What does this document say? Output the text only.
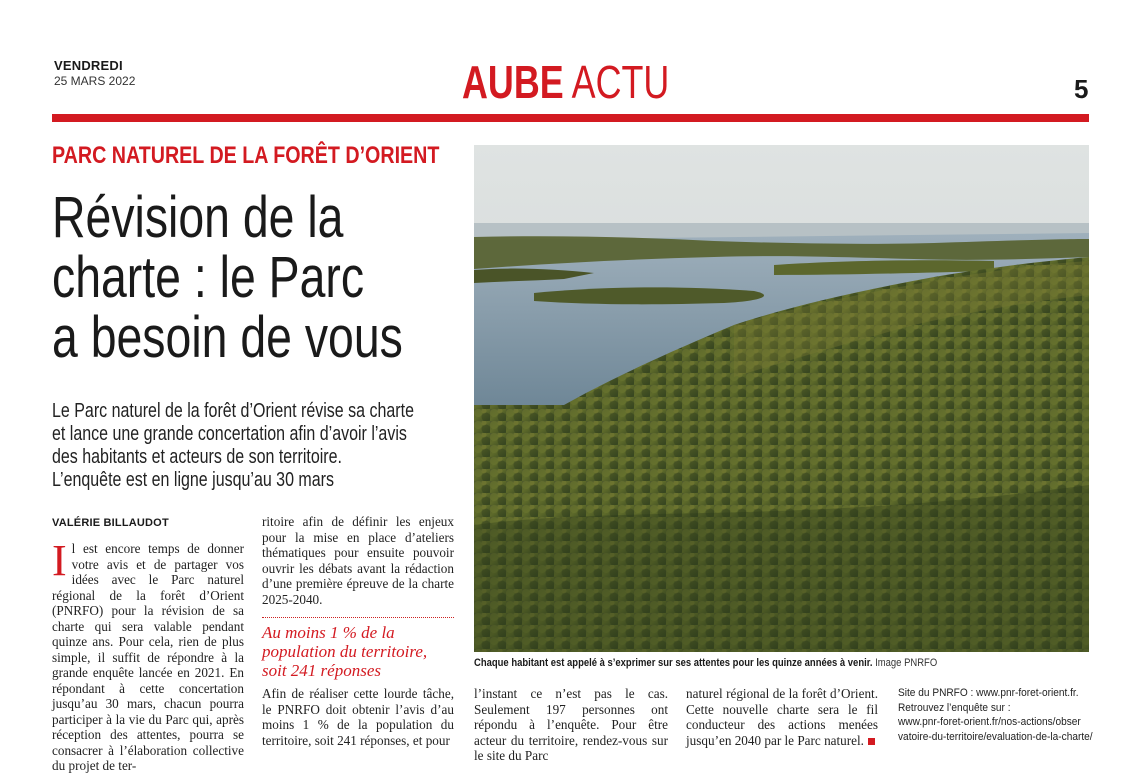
VENDREDI
25 MARS 2022	AUBE ACTU	5
PARC NATUREL DE LA FORÊT D’ORIENT
Révision de la
charte : le Parc
a besoin de vous
Le Parc naturel de la forêt d’Orient révise sa charte
et lance une grande concertation afin d’avoir l’avis
des habitants et acteurs de son territoire.
L’enquête est en ligne jusqu’au 30 mars
VALÉRIE BILLAUDOT
I l est encore temps de donner votre avis et de partager vos idées avec le Parc naturel régional de la forêt d’Orient (PNRFO) pour la révision de sa charte qui sera valable pendant quinze ans. Pour cela, rien de plus simple, il suffit de répondre à la grande enquête lancée en 2021. En répondant à cette concertation jusqu’au 30 mars, chacun pourra participer à la vie du Parc qui, après réception des attentes, pourra se consacrer à l’élaboration collective du projet de ter-

ritoire afin de définir les enjeux pour la mise en place d’ateliers thématiques pour ensuite pouvoir ouvrir les débats avant la rédaction d’une première épreuve de la charte 2025-2040.

Au moins 1 % de la population du territoire, soit 241 réponses

Afin de réaliser cette lourde tâche, le PNRFO doit obtenir l’avis d’au moins 1 % de la population du territoire, soit 241 réponses, et pour

l’instant ce n’est pas le cas. Seulement 197 personnes ont répondu à l’enquête. Pour être acteur du territoire, rendez-vous sur le site du Parc

naturel régional de la forêt d’Orient. Cette nouvelle charte sera le fil conducteur des actions menées jusqu’en 2040 par le Parc naturel.

Site du PNRFO : www.pnr-foret-orient.fr.
Retrouvez l’enquête sur :
www.pnr-foret-orient.fr/nos-actions/obser
vatoire-du-territoire/evaluation-de-la-charte/
Chaque habitant est appelé à s’exprimer sur ses attentes pour les quinze années à venir. Image PNRFO
